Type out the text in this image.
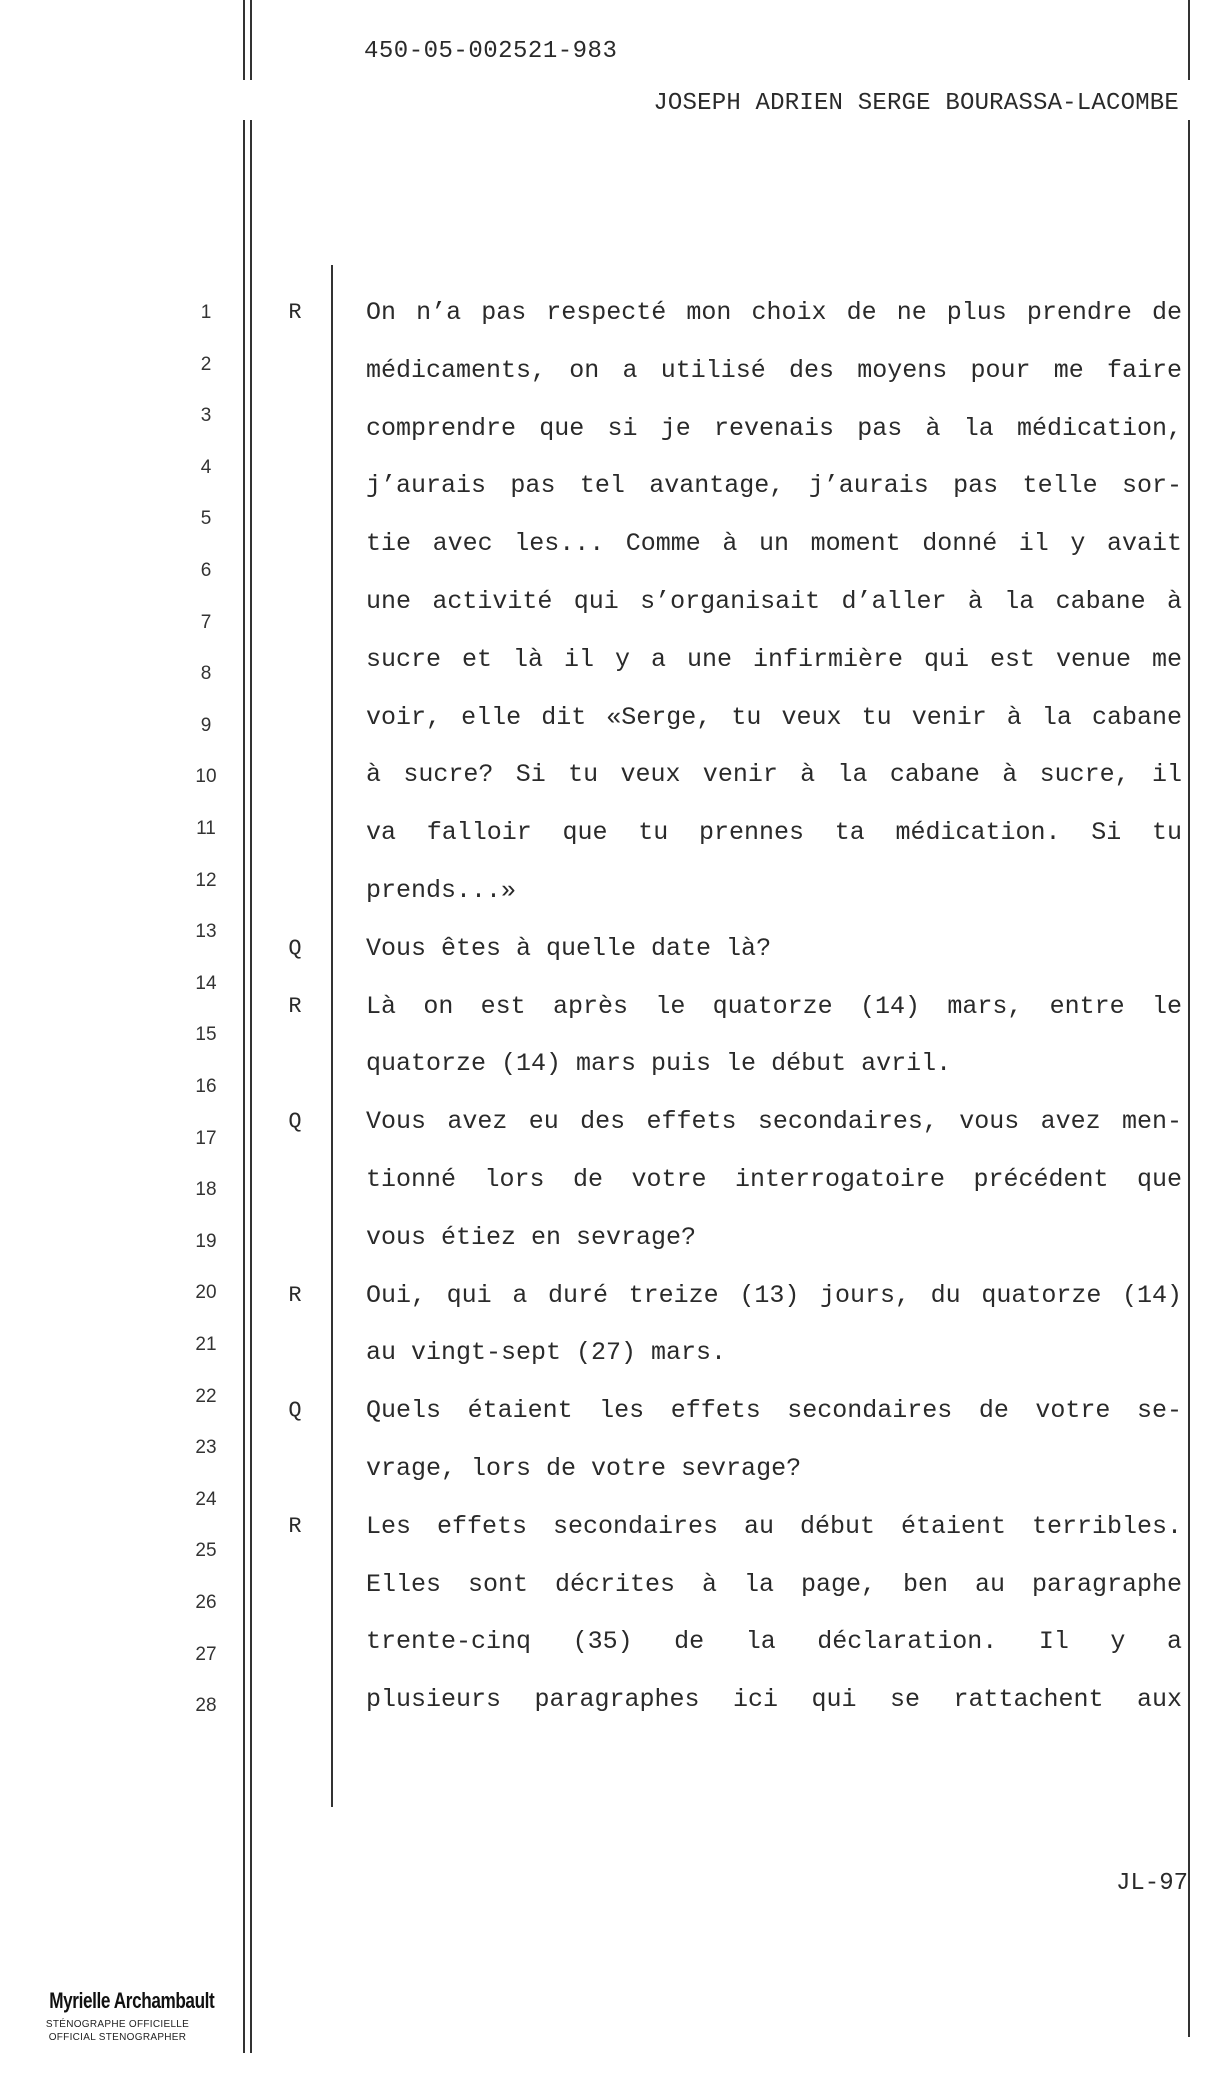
450-05-002521-983
JOSEPH ADRIEN SERGE BOURASSA-LACOMBE
1
2
3
4
5
6
7
8
9
10
11
12
13
14
15
16
17
18
19
20
21
22
23
24
25
26
27
28
R	On n’a pas respecté mon choix de ne plus prendre de
médicaments, on a utilisé des moyens pour me faire
comprendre que si je revenais pas à la médication,
j’aurais pas tel avantage, j’aurais pas telle sor-
tie avec les... Comme à un moment donné il y avait
une activité qui s’organisait d’aller à la cabane à
sucre et là il y a une infirmière qui est venue me
voir, elle dit «Serge, tu veux tu venir à la cabane
à sucre? Si tu veux venir à la cabane à sucre, il
va falloir que tu prennes ta médication. Si tu
prends...»
Q	Vous êtes à quelle date là?
R	Là on est après le quatorze (14) mars, entre le
quatorze (14) mars puis le début avril.
Q	Vous avez eu des effets secondaires, vous avez men-
tionné lors de votre interrogatoire précédent que
vous étiez en sevrage?
R	Oui, qui a duré treize (13) jours, du quatorze (14)
au vingt-sept (27) mars.
Q	Quels étaient les effets secondaires de votre se-
vrage, lors de votre sevrage?
R	Les effets secondaires au début étaient terribles.
Elles sont décrites à la page, ben au paragraphe
trente-cinq (35) de la déclaration. Il y a
plusieurs paragraphes ici qui se rattachent aux
JL-97
Myrielle Archambault
STÉNOGRAPHE OFFICIELLE
OFFICIAL STENOGRAPHER
